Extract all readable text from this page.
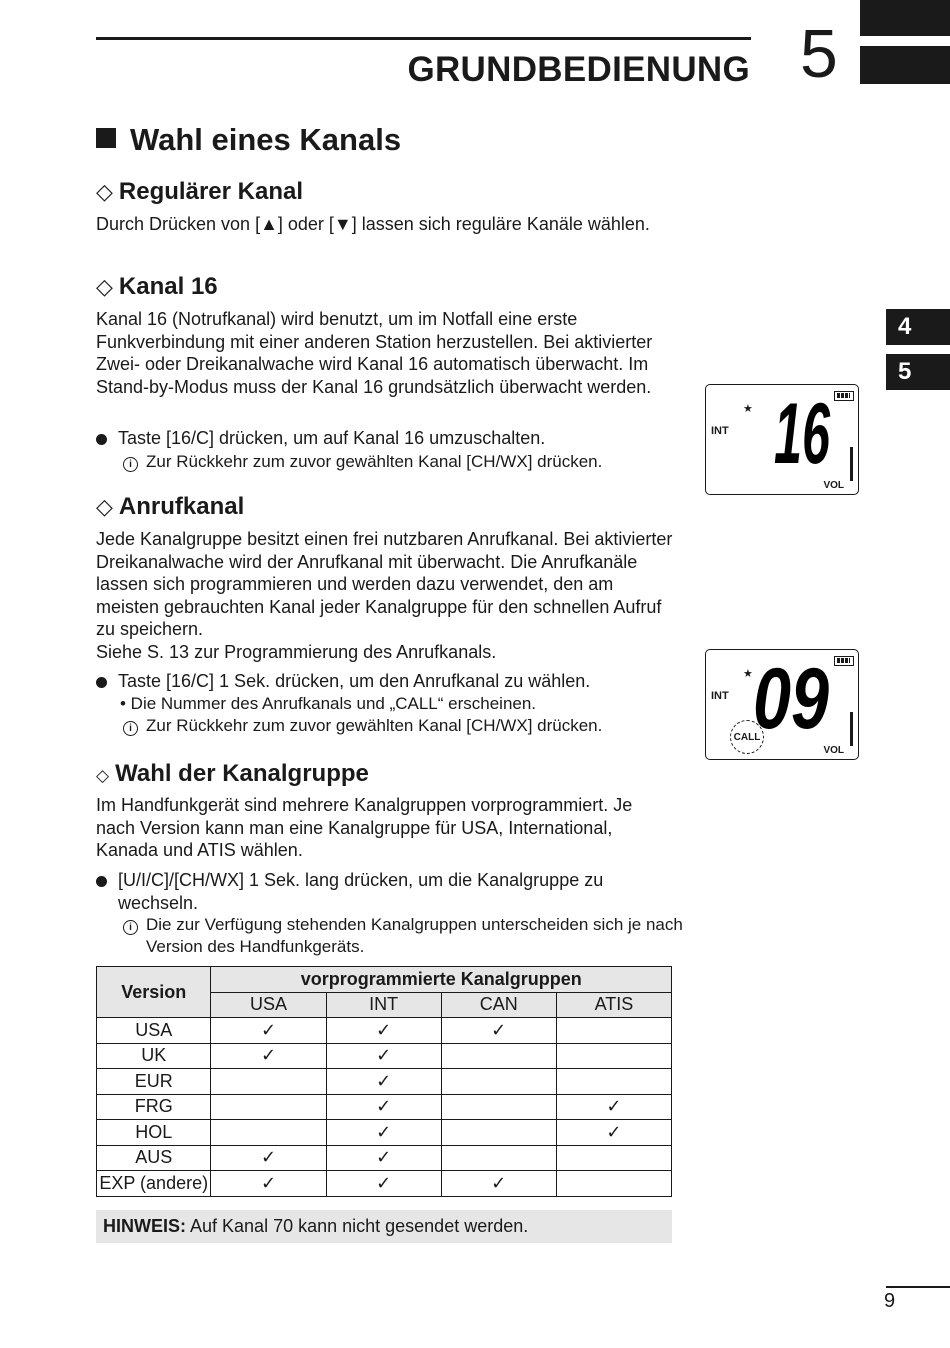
GRUNDBEDIENUNG 5
4
5
Wahl eines Kanals
◇ Regulärer Kanal
Durch Drücken von [▲] oder [▼] lassen sich reguläre Kanäle wählen.
◇ Kanal 16
Kanal 16 (Notrufkanal) wird benutzt, um im Notfall eine erste Funkverbindung mit einer anderen Station herzustellen. Bei aktivierter Zwei- oder Dreikanalwache wird Kanal 16 automatisch überwacht. Im Stand-by-Modus muss der Kanal 16 grundsätzlich überwacht werden.
Taste [16/C] drücken, um auf Kanal 16 umzuschalten.
i Zur Rückkehr zum zuvor gewählten Kanal [CH/WX] drücken.
★
INT 16
VOL
◇ Anrufkanal
Jede Kanalgruppe besitzt einen frei nutzbaren Anrufkanal. Bei aktivierter Dreikanalwache wird der Anrufkanal mit überwacht. Die Anrufkanäle lassen sich programmieren und werden dazu verwendet, den am meisten gebrauchten Kanal jeder Kanalgruppe für den schnellen Aufruf zu speichern.
Siehe S. 13 zur Programmierung des Anrufkanals.
Taste [16/C] 1 Sek. drücken, um den Anrufkanal zu wählen.
• Die Nummer des Anrufkanals und „CALL“ erscheinen.
i Zur Rückkehr zum zuvor gewählten Kanal [CH/WX] drücken.
★
INT 09
CALL
VOL
◇ Wahl der Kanalgruppe
Im Handfunkgerät sind mehrere Kanalgruppen vorprogrammiert. Je nach Version kann man eine Kanalgruppe für USA, International, Kanada und ATIS wählen.
[U/I/C]/[CH/WX] 1 Sek. lang drücken, um die Kanalgruppe zu wechseln.
i Die zur Verfügung stehenden Kanalgruppen unterscheiden sich je nach Version des Handfunkgeräts.
Version	vorprogrammierte Kanalgruppen			
	USA	INT	CAN	ATIS
USA	✓	✓	✓	
UK	✓	✓		
EUR		✓		
FRG		✓		✓
HOL		✓		✓
AUS	✓	✓		
EXP (andere)	✓	✓	✓	
HINWEIS: Auf Kanal 70 kann nicht gesendet werden.
9
